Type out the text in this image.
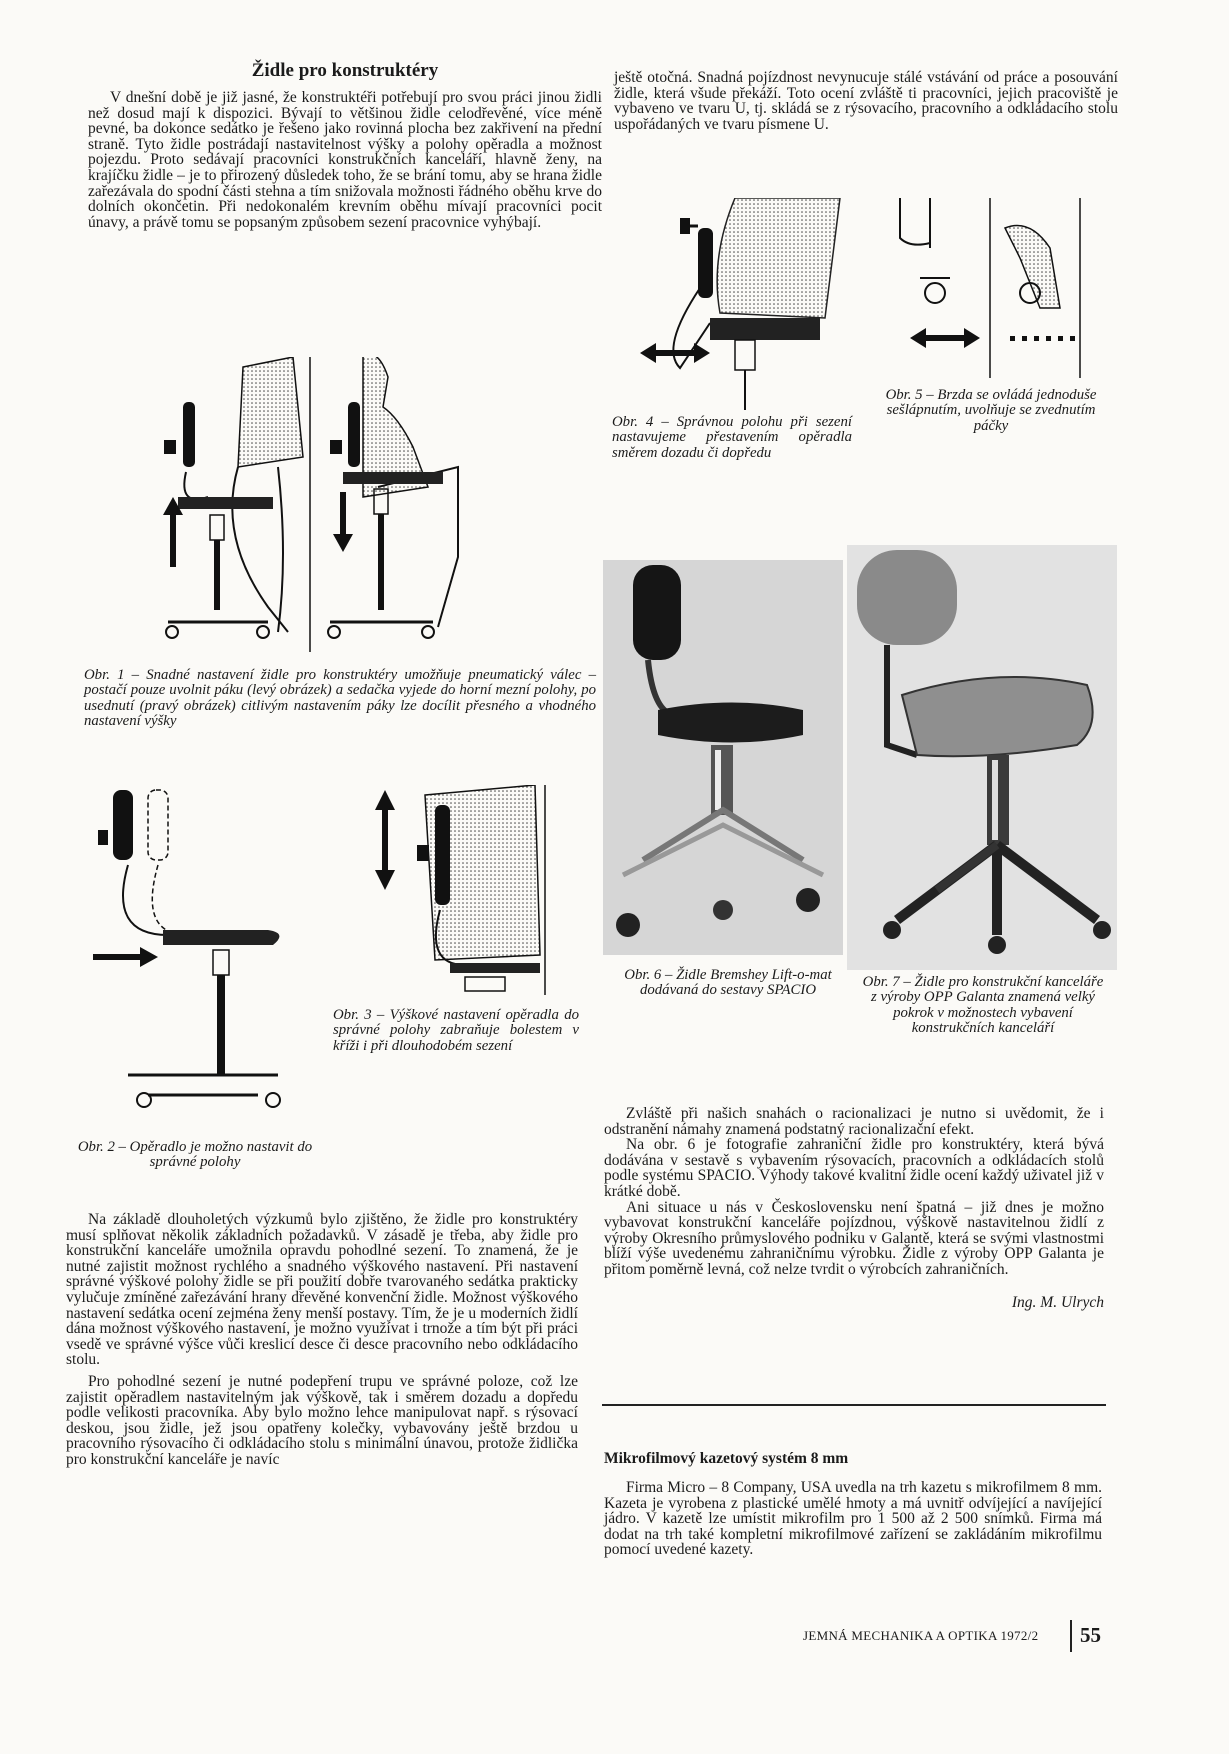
Židle pro konstruktéry

V dnešní době je již jasné, že konstruktéři potřebují pro svou práci jinou židli než dosud mají k dispozici. Bývají to většinou židle celodřevěné, více méně pevné, ba dokonce sedátko je řešeno jako rovinná plocha bez zakřivení na přední straně. Tyto židle postrádají nastavitelnost výšky a polohy opěradla a možnost pojezdu. Proto sedávají pracovníci konstrukčních kanceláří, hlavně ženy, na krajíčku židle – je to přirozený důsledek toho, že se brání tomu, aby se hrana židle zařezávala do spodní části stehna a tím snižovala možnosti řádného oběhu krve do dolních okončetin. Při nedokonalém krevním oběhu mívají pracovníci pocit únavy, a právě tomu se popsaným způsobem sezení pracovnice vyhýbají.

ještě otočná. Snadná pojízdnost nevynucuje stálé vstávání od práce a posouvání židle, která všude překáží. Toto ocení zvláště ti pracovníci, jejich pracoviště je vybaveno ve tvaru U, tj. skládá se z rýsovacího, pracovního a odkládacího stolu uspořádaných ve tvaru písmene U.

Obr. 4 – Správnou polohu při sezení nastavujeme přestavením opěradla směrem dozadu či dopředu

Obr. 5 – Brzda se ovládá jednoduše sešlápnutím, uvolňuje se zvednutím páčky

Obr. 1 – Snadné nastavení židle pro konstruktéry umožňuje pneumatický válec – postačí pouze uvolnit páku (levý obrázek) a sedačka vyjede do horní mezní polohy, po usednutí (pravý obrázek) citlivým nastavením páky lze docílit přesného a vhodného nastavení výšky

Obr. 2 – Opěradlo je možno nastavit do správné polohy

Obr. 3 – Výškové nastavení opěradla do správné polohy zabraňuje bolestem v kříži i při dlouhodobém sezení

Obr. 6 – Židle Bremshey Lift-o-mat dodávaná do sestavy SPACIO

Obr. 7 – Židle pro konstrukční kanceláře z výroby OPP Galanta znamená velký pokrok v možnostech vybavení konstrukčních kanceláří

Na základě dlouholetých výzkumů bylo zjištěno, že židle pro konstruktéry musí splňovat několik základních požadavků. V zásadě je třeba, aby židle pro konstrukční kanceláře umožnila opravdu pohodlné sezení. To znamená, že je nutné zajistit možnost rychlého a snadného výškového nastavení. Při nastavení správné výškové polohy židle se při použití dobře tvarovaného sedátka prakticky vylučuje zmíněné zařezávání hrany dřevěné konvenční židle. Možnost výškového nastavení sedátka ocení zejména ženy menší postavy. Tím, že je u moderních židlí dána možnost výškového nastavení, je možno využívat i trnože a tím být při práci vsedě ve správné výšce vůči kreslicí desce či desce pracovního nebo odkládacího stolu.

Pro pohodlné sezení je nutné podepření trupu ve správné poloze, což lze zajistit opěradlem nastavitelným jak výškově, tak i směrem dozadu a dopředu podle velikosti pracovníka. Aby bylo možno lehce manipulovat např. s rýsovací deskou, jsou židle, jež jsou opatřeny kolečky, vybavovány ještě brzdou u pracovního rýsovacího či odkládacího stolu s minimální únavou, protože židlička pro konstrukční kanceláře je navíc

Zvláště při našich snahách o racionalizaci je nutno si uvědomit, že i odstranění námahy znamená podstatný racionalizační efekt.

Na obr. 6 je fotografie zahraniční židle pro konstruktéry, která bývá dodávána v sestavě s vybavením rýsovacích, pracovních a odkládacích stolů podle systému SPACIO. Výhody takové kvalitní židle ocení každý uživatel již v krátké době.

Ani situace u nás v Československu není špatná – již dnes je možno vybavovat konstrukční kanceláře pojízdnou, výškově nastavitelnou židlí z výroby Okresního průmyslového podniku v Galantě, která se svými vlastnostmi blíží výše uvedenému zahraničnímu výrobku. Židle z výroby OPP Galanta je přitom poměrně levná, což nelze tvrdit o výrobcích zahraničních.

Ing. M. Ulrych
Mikrofilmový kazetový systém 8 mm

Firma Micro – 8 Company, USA uvedla na trh kazetu s mikrofilmem 8 mm. Kazeta je vyrobena z plastické umělé hmoty a má uvnitř odvíjející a navíjející jádro. V kazetě lze umístit mikrofilm pro 1 500 až 2 500 snímků. Firma má dodat na trh také kompletní mikrofilmové zařízení se zakládáním mikrofilmu pomocí uvedené kazety.

JEMNÁ MECHANIKA A OPTIKA 1972/2 55
